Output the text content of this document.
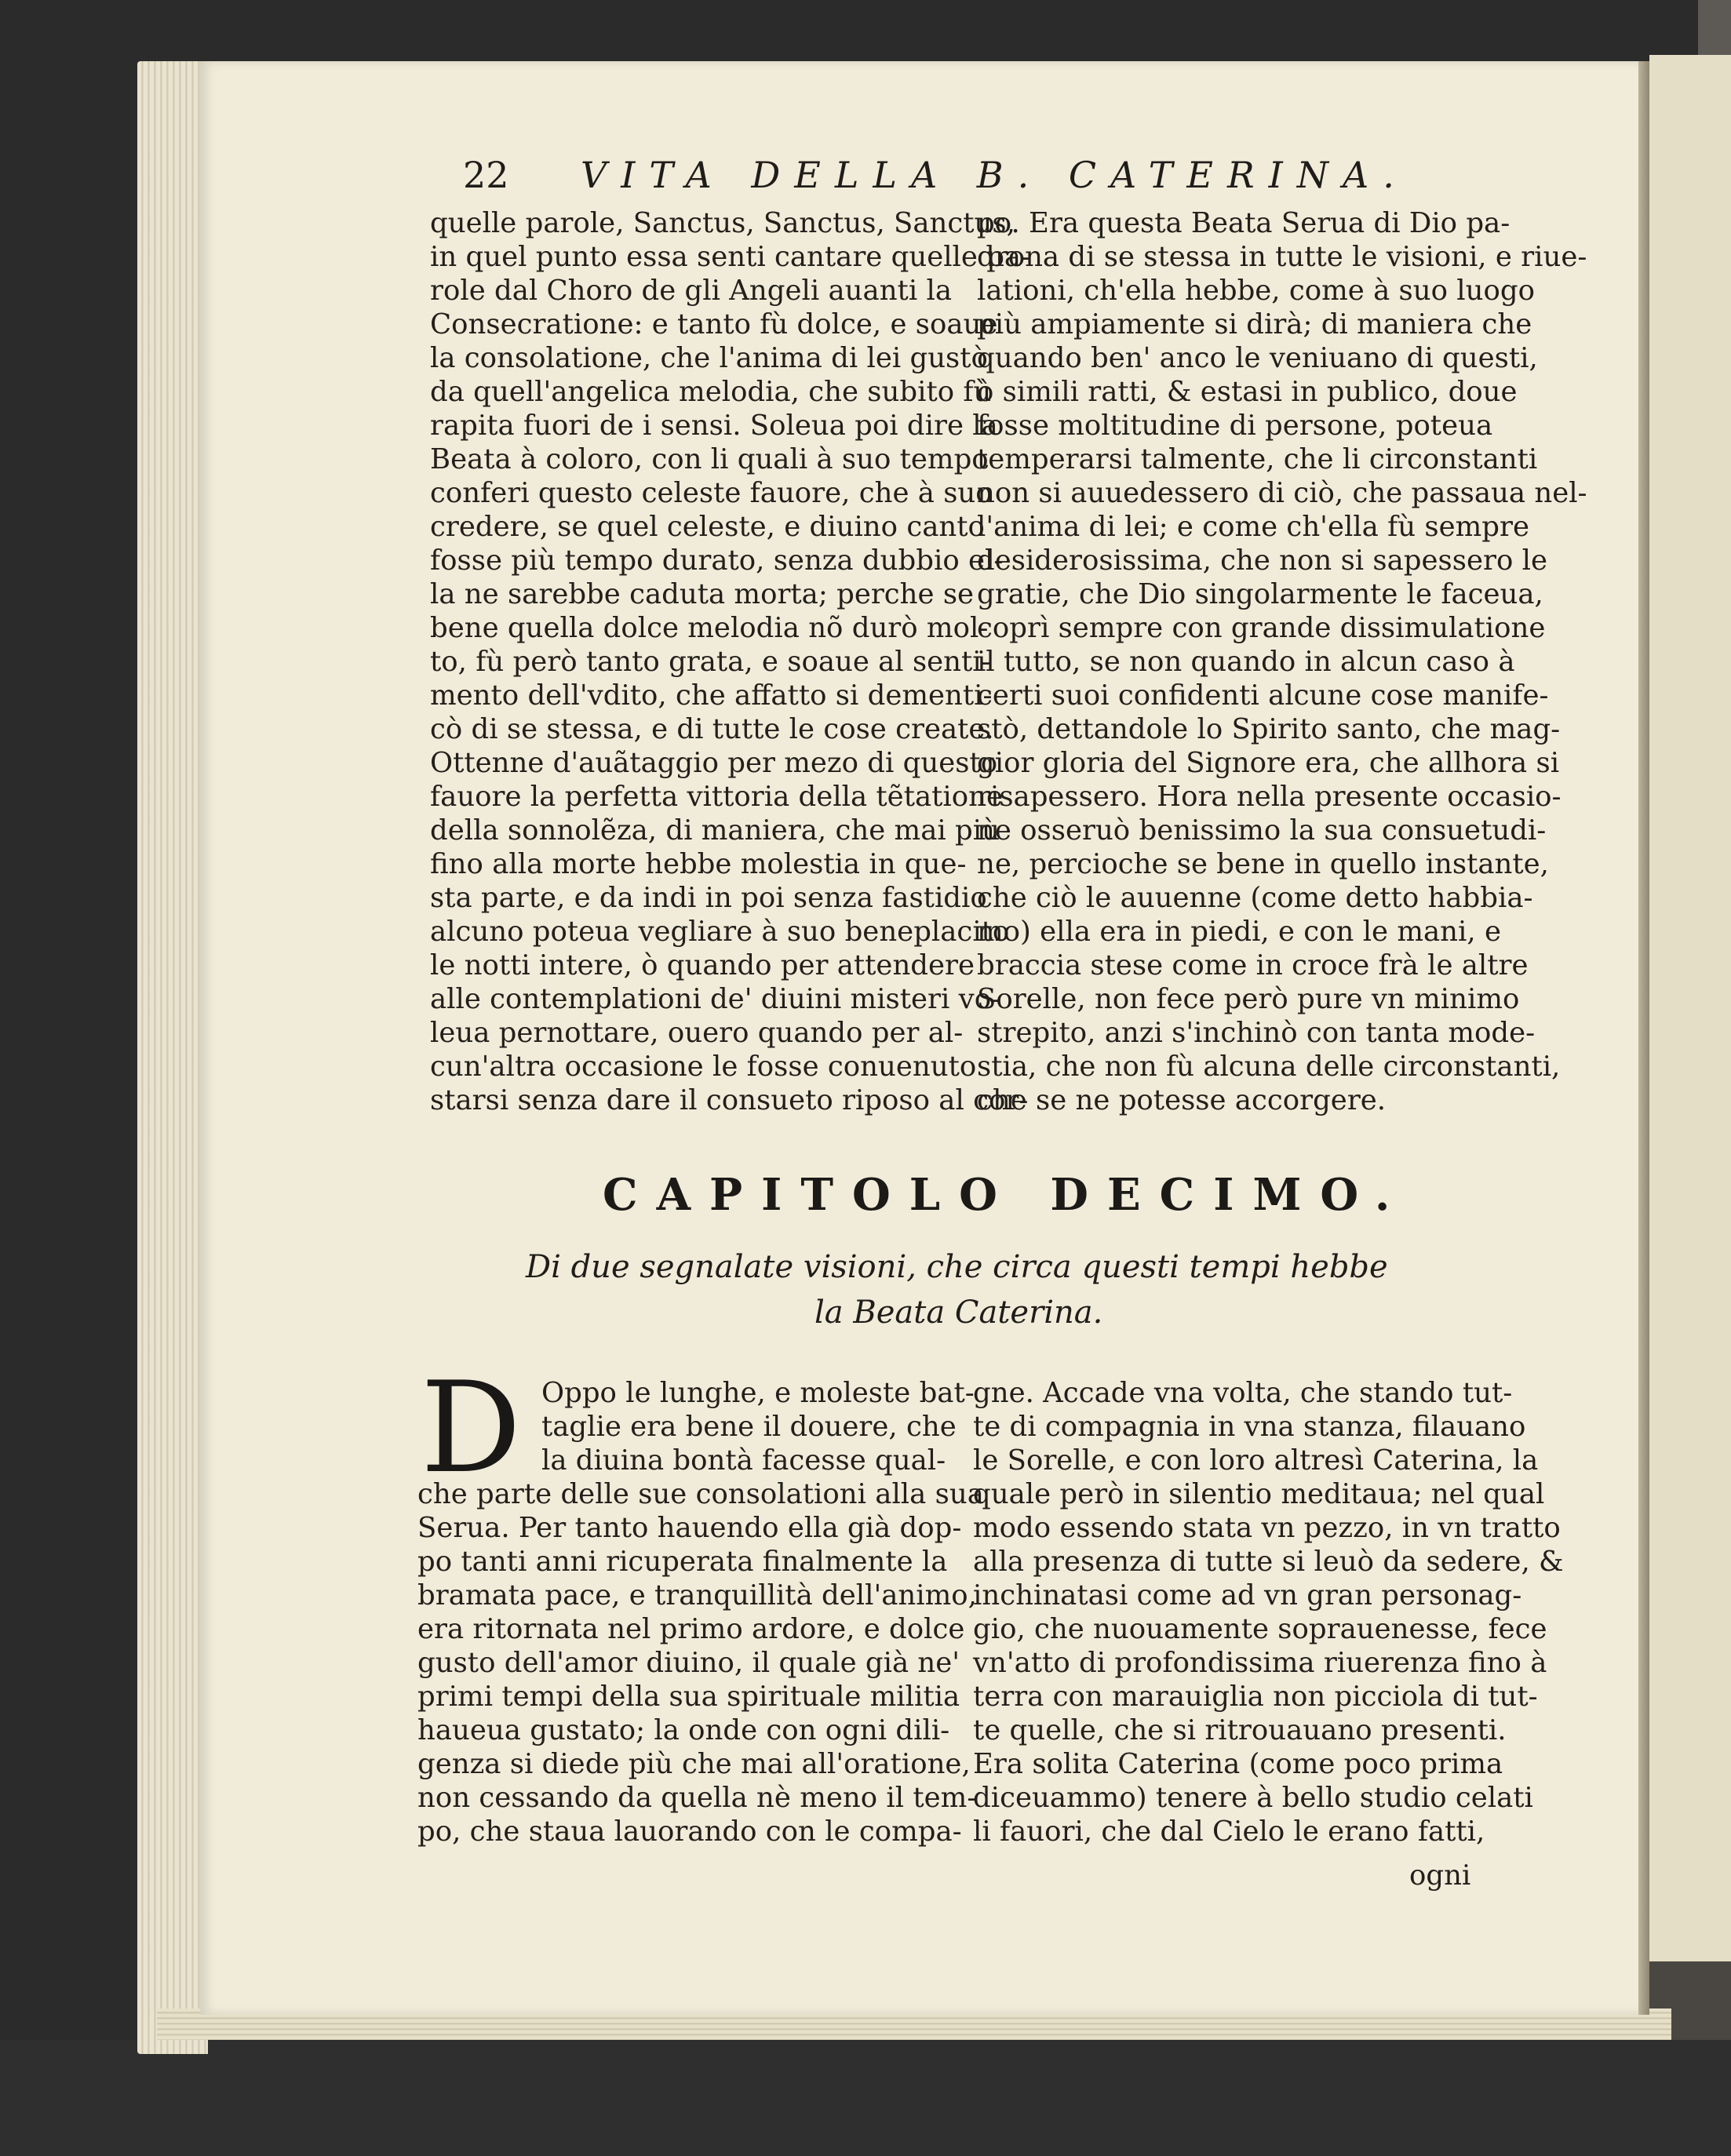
22 VITA DELLA B. CATERINA.
quelle parole, Sanctus, Sanctus, Sanctus,
in quel punto essa senti cantare quelle pa-
role dal Choro de gli Angeli auanti la
Consecratione: e tanto fù dolce, e soaue
la consolatione, che l'anima di lei gustò
da quell'angelica melodia, che subito fù
rapita fuori de i sensi. Soleua poi dire la
Beata à coloro, con li quali à suo tempo
conferi questo celeste fauore, che à suo
credere, se quel celeste, e diuino canto
fosse più tempo durato, senza dubbio el-
la ne sarebbe caduta morta; perche se
bene quella dolce melodia nõ durò mol-
to, fù però tanto grata, e soaue al senti-
mento dell'vdito, che affatto si dementi-
cò di se stessa, e di tutte le cose create.
Ottenne d'auãtaggio per mezo di questo
fauore la perfetta vittoria della tẽtatione
della sonnolẽza, di maniera, che mai più
fino alla morte hebbe molestia in que-
sta parte, e da indi in poi senza fastidio
alcuno poteua vegliare à suo beneplacito
le notti intere, ò quando per attendere
alle contemplationi de' diuini misteri vo-
leua pernottare, ouero quando per al-
cun'altra occasione le fosse conuenuto
starsi senza dare il consueto riposo al cor-
po. Era questa Beata Serua di Dio pa-
drona di se stessa in tutte le visioni, e riue-
lationi, ch'ella hebbe, come à suo luogo
più ampiamente si dirà; di maniera che
quando ben' anco le veniuano di questi,
ò simili ratti, & estasi in publico, doue
fosse moltitudine di persone, poteua
temperarsi talmente, che li circonstanti
non si auuedessero di ciò, che passaua nel-
l'anima di lei; e come ch'ella fù sempre
desiderosissima, che non si sapessero le
gratie, che Dio singolarmente le faceua,
coprì sempre con grande dissimulatione
il tutto, se non quando in alcun caso à
certi suoi confidenti alcune cose manife-
stò, dettandole lo Spirito santo, che mag-
gior gloria del Signore era, che allhora si
risapessero. Hora nella presente occasio-
ne osseruò benissimo la sua consuetudi-
ne, percioche se bene in quello instante,
che ciò le auuenne (come detto habbia-
mo) ella era in piedi, e con le mani, e
braccia stese come in croce frà le altre
Sorelle, non fece però pure vn minimo
strepito, anzi s'inchinò con tanta mode-
stia, che non fù alcuna delle circonstanti,
che se ne potesse accorgere.
CAPITOLO DECIMO.
Di due segnalate visioni, che circa questi tempi hebbe
la Beata Caterina.
D Oppo le lunghe, e moleste bat-
taglie era bene il douere, che
la diuina bontà facesse qual-
che parte delle sue consolationi alla sua
Serua. Per tanto hauendo ella già dop-
po tanti anni ricuperata finalmente la
bramata pace, e tranquillità dell'animo,
era ritornata nel primo ardore, e dolce
gusto dell'amor diuino, il quale già ne'
primi tempi della sua spirituale militia
haueua gustato; la onde con ogni dili-
genza si diede più che mai all'oratione,
non cessando da quella nè meno il tem-
po, che staua lauorando con le compa-
gne. Accade vna volta, che stando tut-
te di compagnia in vna stanza, filauano
le Sorelle, e con loro altresì Caterina, la
quale però in silentio meditaua; nel qual
modo essendo stata vn pezzo, in vn tratto
alla presenza di tutte si leuò da sedere, &
inchinatasi come ad vn gran personag-
gio, che nuouamente soprauenesse, fece
vn'atto di profondissima riuerenza fino à
terra con marauiglia non picciola di tut-
te quelle, che si ritrouauano presenti.
Era solita Caterina (come poco prima
diceuammo) tenere à bello studio celati
li fauori, che dal Cielo le erano fatti,
ogni
